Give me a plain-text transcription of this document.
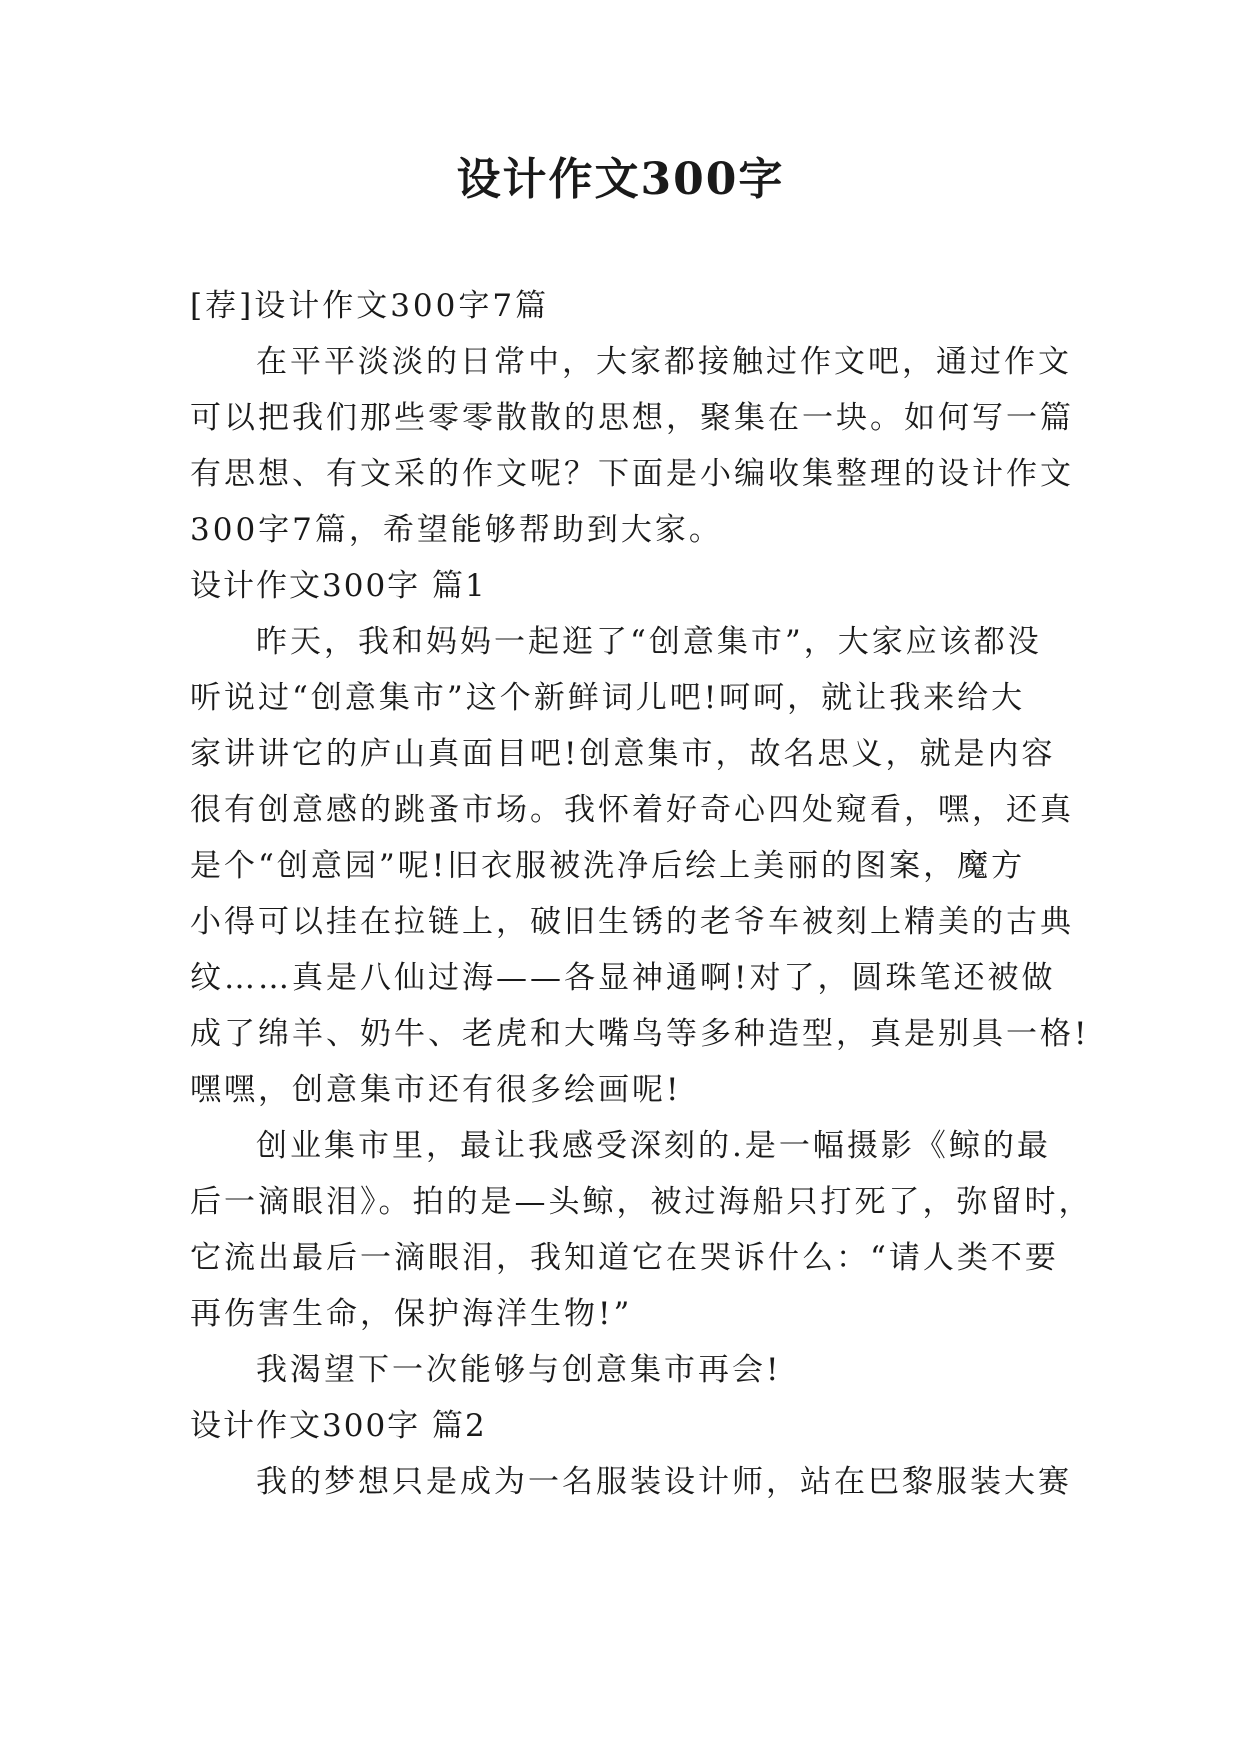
设计作文300字
[荐]设计作文300字7篇
在平平淡淡的日常中，大家都接触过作文吧，通过作文
可以把我们那些零零散散的思想，聚集在一块。如何写一篇
有思想、有文采的作文呢？下面是小编收集整理的设计作文
300字7篇，希望能够帮助到大家。
设计作文300字 篇1
昨天，我和妈妈一起逛了“创意集市”，大家应该都没
听说过“创意集市”这个新鲜词儿吧!呵呵，就让我来给大
家讲讲它的庐山真面目吧!创意集市，故名思义，就是内容
很有创意感的跳蚤市场。我怀着好奇心四处窥看，嘿，还真
是个“创意园”呢!旧衣服被洗净后绘上美丽的图案，魔方
小得可以挂在拉链上，破旧生锈的老爷车被刻上精美的古典
纹……真是八仙过海——各显神通啊!对了，圆珠笔还被做
成了绵羊、奶牛、老虎和大嘴鸟等多种造型，真是别具一格!
嘿嘿，创意集市还有很多绘画呢!
创业集市里，最让我感受深刻的.是一幅摄影《鲸的最
后一滴眼泪》。拍的是—头鲸，被过海船只打死了，弥留时，
它流出最后一滴眼泪，我知道它在哭诉什么：“请人类不要
再伤害生命，保护海洋生物!”
我渴望下一次能够与创意集市再会!
设计作文300字 篇2
我的梦想只是成为一名服装设计师，站在巴黎服装大赛
